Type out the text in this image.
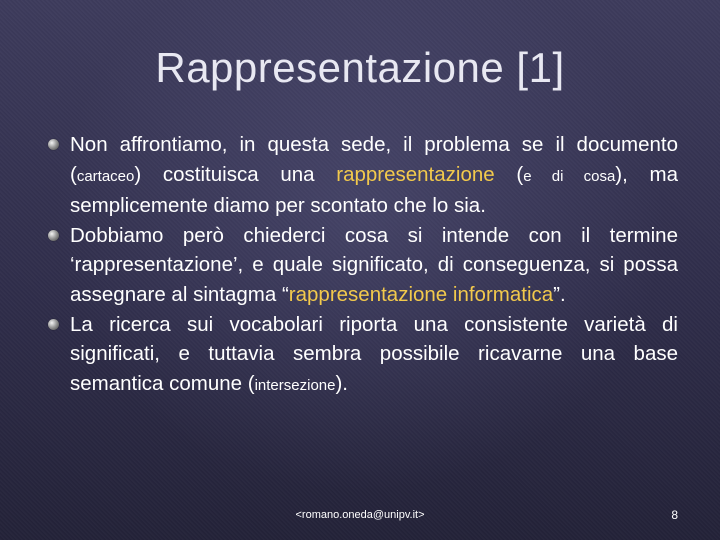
Rappresentazione [1]
Non affrontiamo, in questa sede, il problema se il documento (cartaceo) costituisca una rappresentazione (e di cosa), ma semplicemente diamo per scontato che lo sia.
Dobbiamo però chiederci cosa si intende con il termine ‘rappresentazione’, e quale significato, di conseguenza, si possa assegnare al sintagma “rappresentazione informatica”.
La ricerca sui vocabolari riporta una consistente varietà di significati, e tuttavia sembra possibile ricavarne una base semantica comune (intersezione).
<romano.oneda@unipv.it>	8
